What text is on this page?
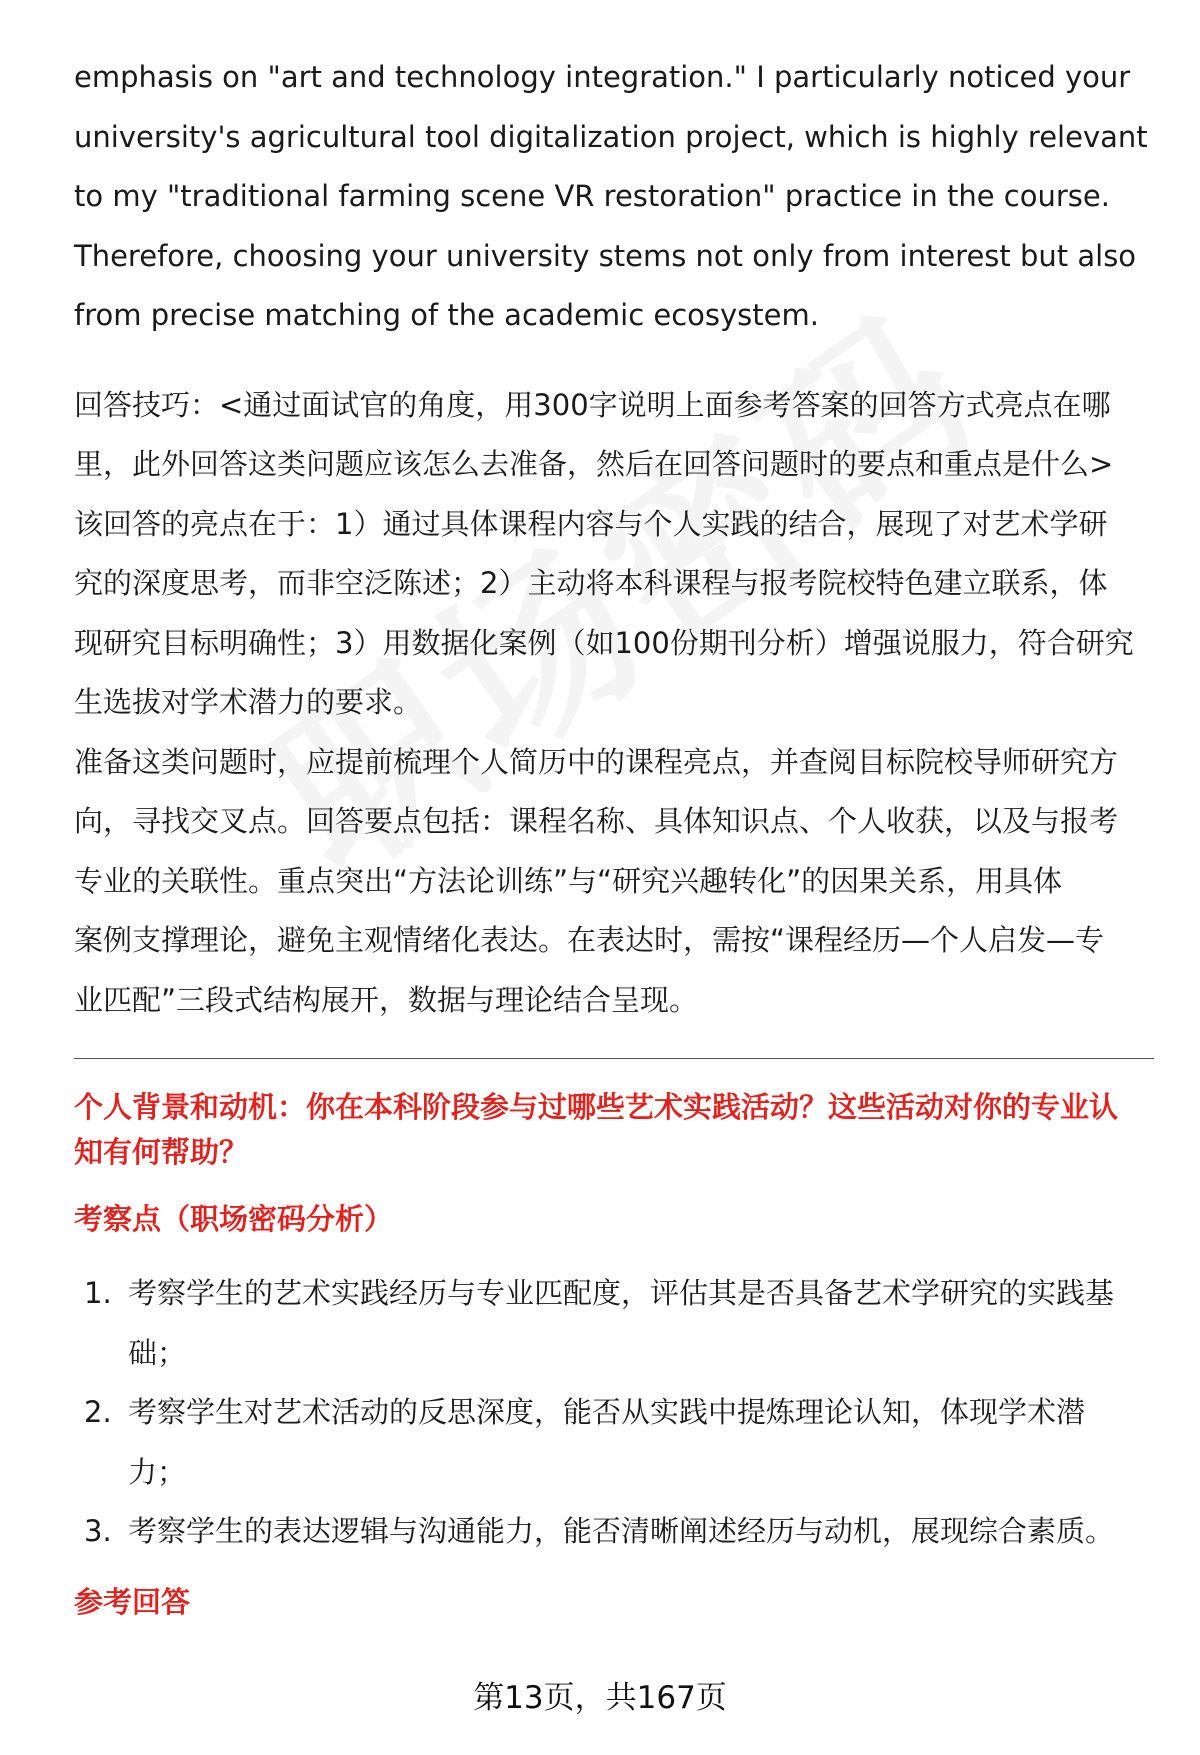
emphasis on "art and technology integration." I particularly noticed your

university's agricultural tool digitalization project, which is highly relevant

to my "traditional farming scene VR restoration" practice in the course.

Therefore, choosing your university stems not only from interest but also

from precise matching of the academic ecosystem.

回答技巧：<通过面试官的角度，用300字说明上面参考答案的回答方式亮点在哪

里，此外回答这类问题应该怎么去准备，然后在回答问题时的要点和重点是什么>

该回答的亮点在于：1）通过具体课程内容与个人实践的结合，展现了对艺术学研

究的深度思考，而非空泛陈述；2）主动将本科课程与报考院校特色建立联系，体

现研究目标明确性；3）用数据化案例（如100份期刊分析）增强说服力，符合研究

生选拔对学术潜力的要求。

准备这类问题时，应提前梳理个人简历中的课程亮点，并查阅目标院校导师研究方

向，寻找交叉点。回答要点包括：课程名称、具体知识点、个人收获，以及与报考

专业的关联性。重点突出“方法论训练”与“研究兴趣转化”的因果关系，用具体

案例支撑理论，避免主观情绪化表达。在表达时，需按“课程经历—个人启发—专

业匹配”三段式结构展开，数据与理论结合呈现。

个人背景和动机：你在本科阶段参与过哪些艺术实践活动？这些活动对你的专业认
知有何帮助？
考察点（职场密码分析）
1. 考察学生的艺术实践经历与专业匹配度，评估其是否具备艺术学研究的实践基
础；
2. 考察学生对艺术活动的反思深度，能否从实践中提炼理论认知，体现学术潜
力；
3. 考察学生的表达逻辑与沟通能力，能否清晰阐述经历与动机，展现综合素质。
参考回答
第13页，共167页
